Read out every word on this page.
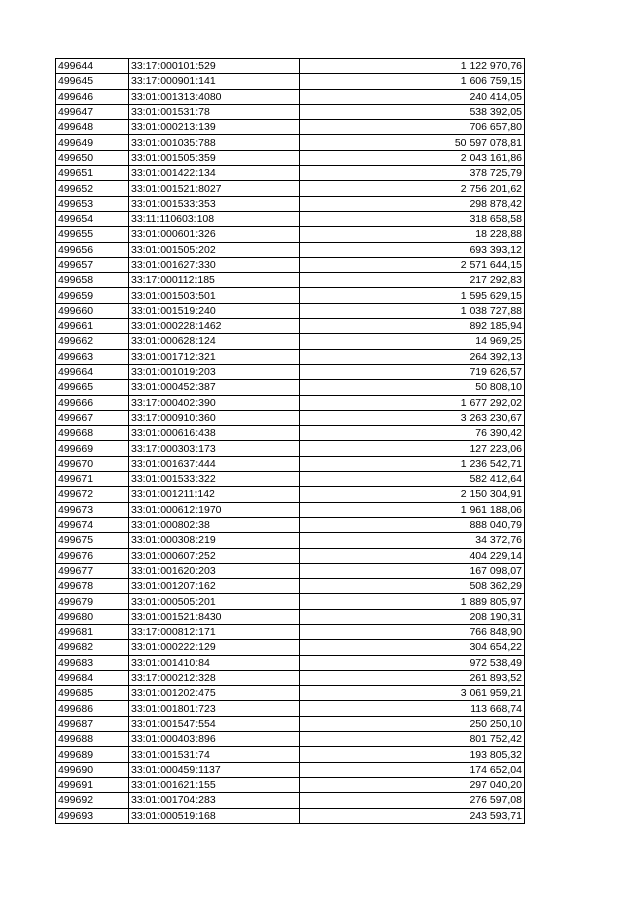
499644	33:17:000101:529	1 122 970,76
499645	33:17:000901:141	1 606 759,15
499646	33:01:001313:4080	240 414,05
499647	33:01:001531:78	538 392,05
499648	33:01:000213:139	706 657,80
499649	33:01:001035:788	50 597 078,81
499650	33:01:001505:359	2 043 161,86
499651	33:01:001422:134	378 725,79
499652	33:01:001521:8027	2 756 201,62
499653	33:01:001533:353	298 878,42
499654	33:11:110603:108	318 658,58
499655	33:01:000601:326	18 228,88
499656	33:01:001505:202	693 393,12
499657	33:01:001627:330	2 571 644,15
499658	33:17:000112:185	217 292,83
499659	33:01:001503:501	1 595 629,15
499660	33:01:001519:240	1 038 727,88
499661	33:01:000228:1462	892 185,94
499662	33:01:000628:124	14 969,25
499663	33:01:001712:321	264 392,13
499664	33:01:001019:203	719 626,57
499665	33:01:000452:387	50 808,10
499666	33:17:000402:390	1 677 292,02
499667	33:17:000910:360	3 263 230,67
499668	33:01:000616:438	76 390,42
499669	33:17:000303:173	127 223,06
499670	33:01:001637:444	1 236 542,71
499671	33:01:001533:322	582 412,64
499672	33:01:001211:142	2 150 304,91
499673	33:01:000612:1970	1 961 188,06
499674	33:01:000802:38	888 040,79
499675	33:01:000308:219	34 372,76
499676	33:01:000607:252	404 229,14
499677	33:01:001620:203	167 098,07
499678	33:01:001207:162	508 362,29
499679	33:01:000505:201	1 889 805,97
499680	33:01:001521:8430	208 190,31
499681	33:17:000812:171	766 848,90
499682	33:01:000222:129	304 654,22
499683	33:01:001410:84	972 538,49
499684	33:17:000212:328	261 893,52
499685	33:01:001202:475	3 061 959,21
499686	33:01:001801:723	113 668,74
499687	33:01:001547:554	250 250,10
499688	33:01:000403:896	801 752,42
499689	33:01:001531:74	193 805,32
499690	33:01:000459:1137	174 652,04
499691	33:01:001621:155	297 040,20
499692	33:01:001704:283	276 597,08
499693	33:01:000519:168	243 593,71
